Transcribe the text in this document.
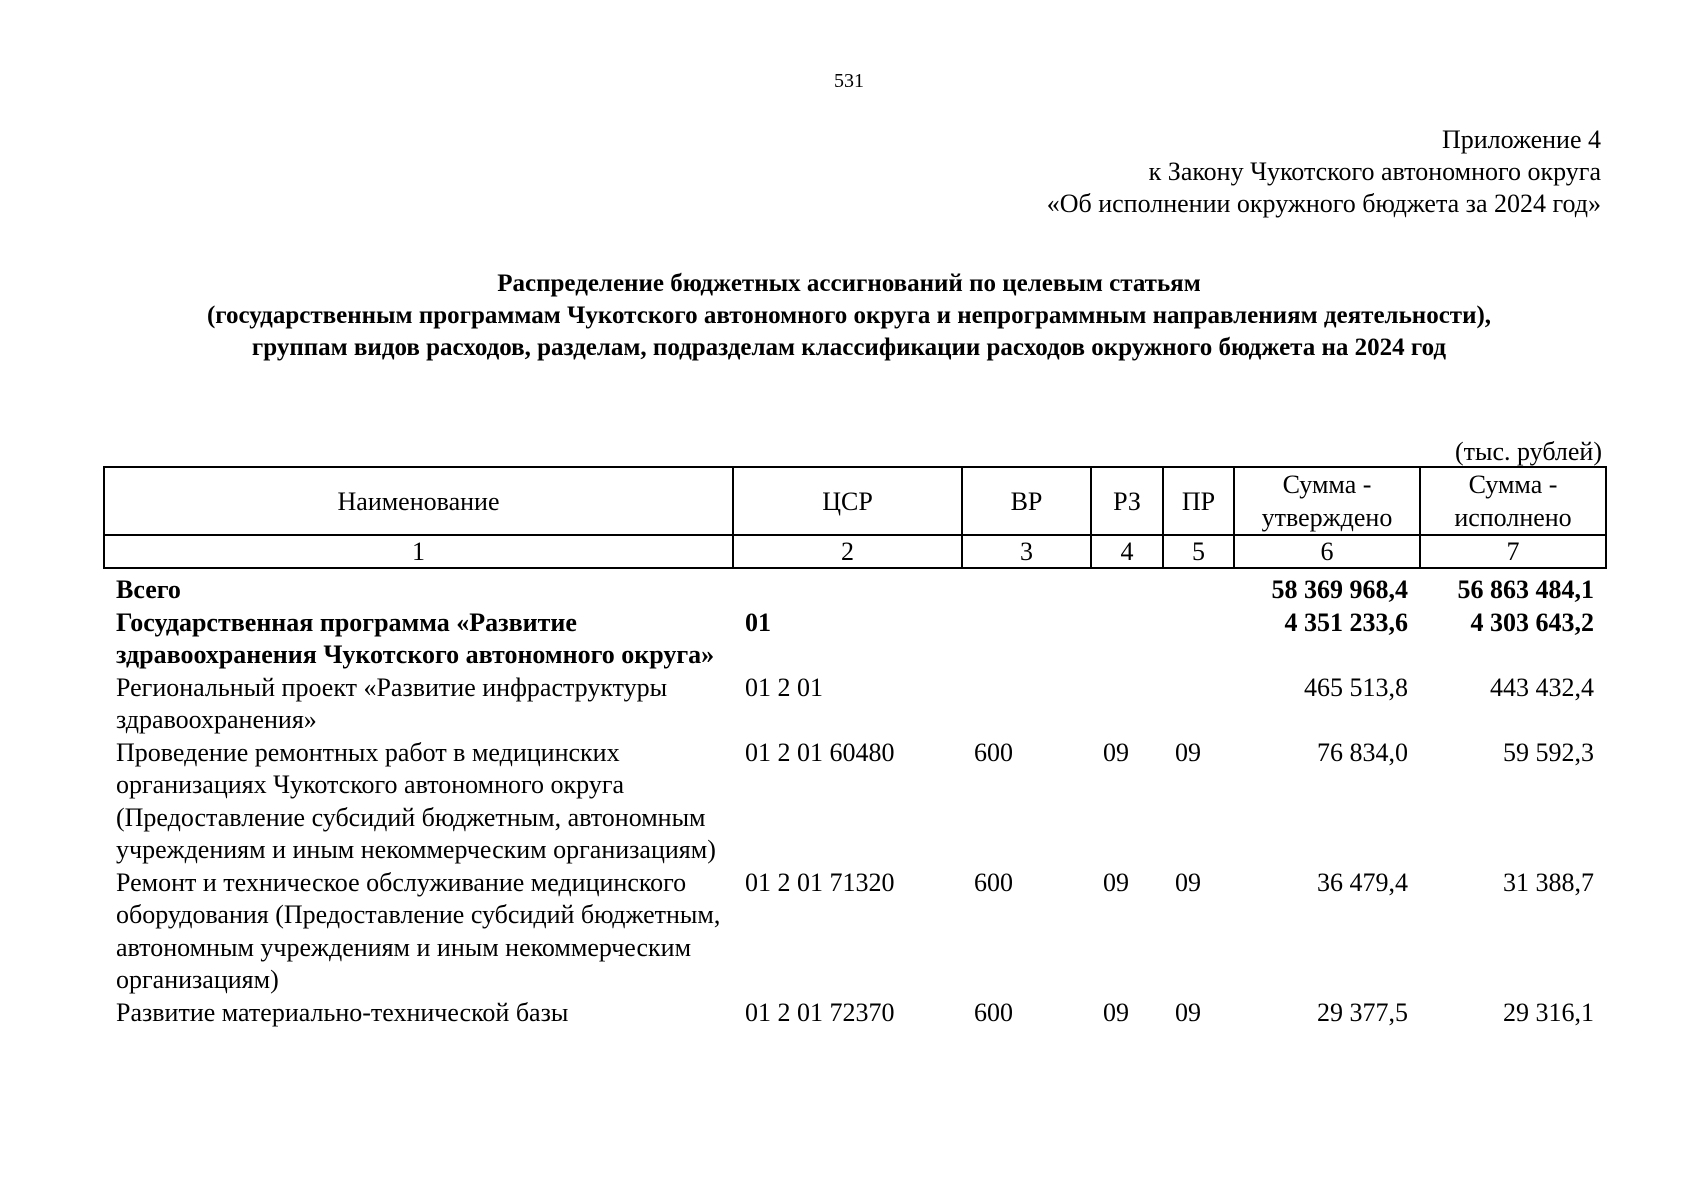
531
Приложение 4
к Закону Чукотского автономного округа
«Об исполнении окружного бюджета за 2024 год»
Распределение бюджетных ассигнований по целевым статьям
(государственным программам Чукотского автономного округа и непрограммным направлениям деятельности),
группам видов расходов, разделам, подразделам классификации расходов окружного бюджета на 2024 год
(тыс. рублей)
Наименование	ЦСР	ВР	РЗ	ПР	Сумма - утверждено	Сумма - исполнено
1	2	3	4	5	6	7
Всего					58 369 968,4	56 863 484,1
Государственная программа «Развитие здравоохранения Чукотского автономного округа»	01				4 351 233,6	4 303 643,2
Региональный проект «Развитие инфраструктуры здравоохранения»	01 2 01				465 513,8	443 432,4
Проведение ремонтных работ в медицинских организациях Чукотского автономного округа (Предоставление субсидий бюджетным, автономным учреждениям и иным некоммерческим организациям)	01 2 01 60480	600	09	09	76 834,0	59 592,3
Ремонт и техническое обслуживание медицинского оборудования (Предоставление субсидий бюджетным, автономным учреждениям и иным некоммерческим организациям)	01 2 01 71320	600	09	09	36 479,4	31 388,7
Развитие материально-технической базы	01 2 01 72370	600	09	09	29 377,5	29 316,1
